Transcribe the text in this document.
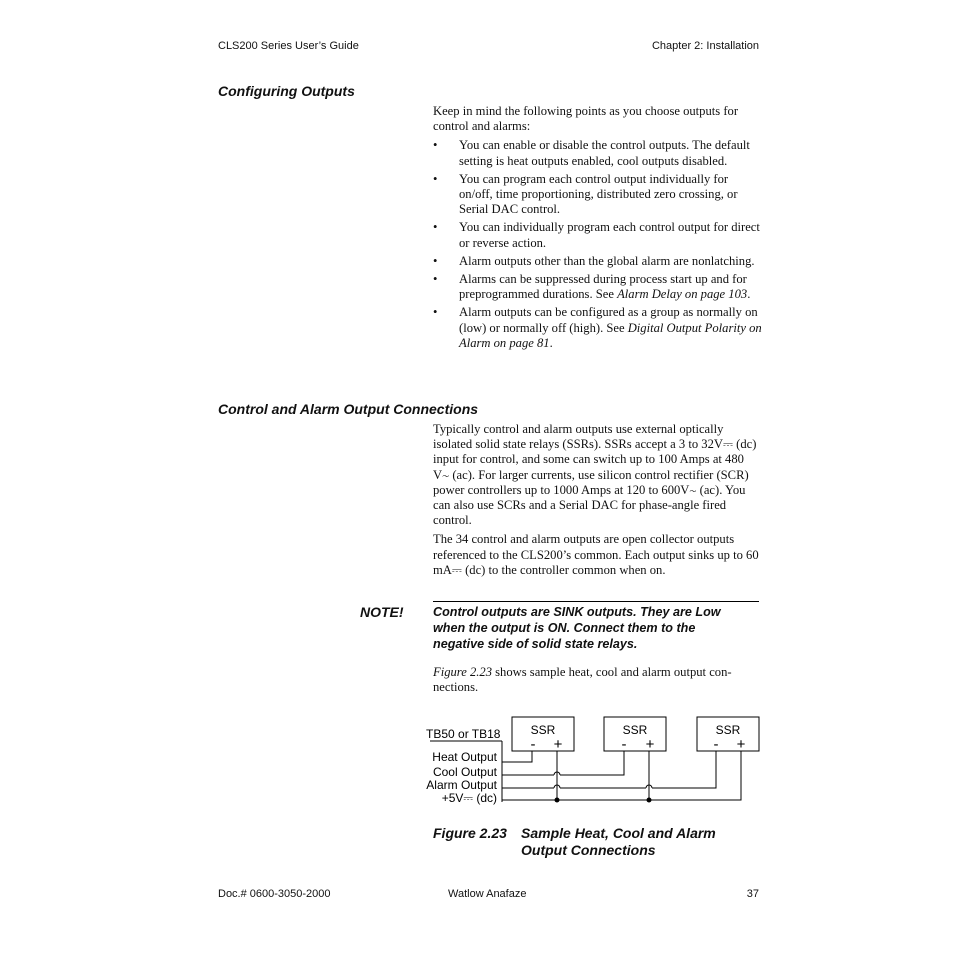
CLS200 Series User’s Guide	Chapter 2: Installation
Configuring Outputs

Keep in mind the following points as you choose outputs for control and alarms:

• You can enable or disable the control outputs. The default setting is heat outputs enabled, cool outputs disabled.
• You can program each control output individually for on/off, time proportioning, distributed zero crossing, or Serial DAC control.
• You can individually program each control output for direct or reverse action.
• Alarm outputs other than the global alarm are nonlatching.
• Alarms can be suppressed during process start up and for preprogrammed durations. See Alarm Delay on page 103.
• Alarm outputs can be configured as a group as normally on (low) or normally off (high). See Digital Output Polarity on Alarm on page 81.
Control and Alarm Output Connections

Typically control and alarm outputs use external optically isolated solid state relays (SSRs). SSRs accept a 3 to 32V⎓ (dc) input for control, and some can switch up to 100 Amps at 480 V∼ (ac). For larger currents, use silicon control rectifier (SCR) power controllers up to 1000 Amps at 120 to 600V∼ (ac). You can also use SCRs and a Serial DAC for phase-angle fired control.

The 34 control and alarm outputs are open collector outputs referenced to the CLS200’s common. Each output sinks up to 60 mA⎓ (dc) to the controller common when on.

NOTE! Control outputs are SINK outputs. They are Low when the output is ON. Connect them to the negative side of solid state relays.
Figure 2.23 shows sample heat, cool and alarm output connections.
TB50 or TB18
Heat Output
Cool Output
Alarm Output
+5V⎓ (dc)
SSR
- +
SSR
- +
SSR
- +
Figure 2.23 Sample Heat, Cool and Alarm
Output Connections
Doc.# 0600-3050-2000	Watlow Anafaze	37
